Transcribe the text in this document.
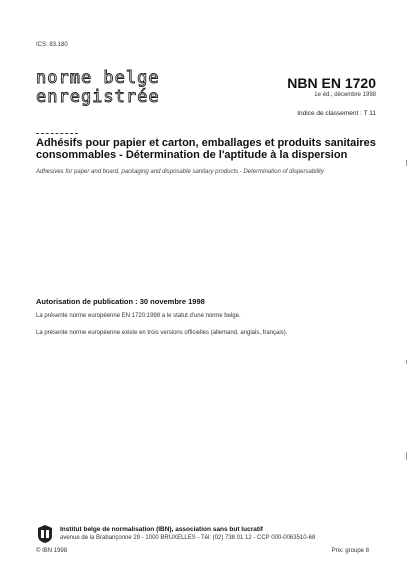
ICS: 83.180
norme belge
enregistrée
NBN EN 1720
1e éd., décembre 1998
Indice de classement : T 11
Adhésifs pour papier et carton, emballages et produits sanitaires consommables - Détermination de l'aptitude à la dispersion
Adhesives for paper and board, packaging and disposable sanitary products - Determination of dispersability
Autorisation de publication : 30 novembre 1998
La présente norme européenne EN 1720:1998 a le statut d'une norme belge.
La présente norme européenne existe en trois versions officielles (allemand, anglais, français).
Institut belge de normalisation (IBN), association sans but lucratif
avenue de la Brabançonne 29 - 1000 BRUXELLES - Tél: (02) 738 01 12 - CCP 000-0063510-68
© IBN 1998	Prix: groupe 8
